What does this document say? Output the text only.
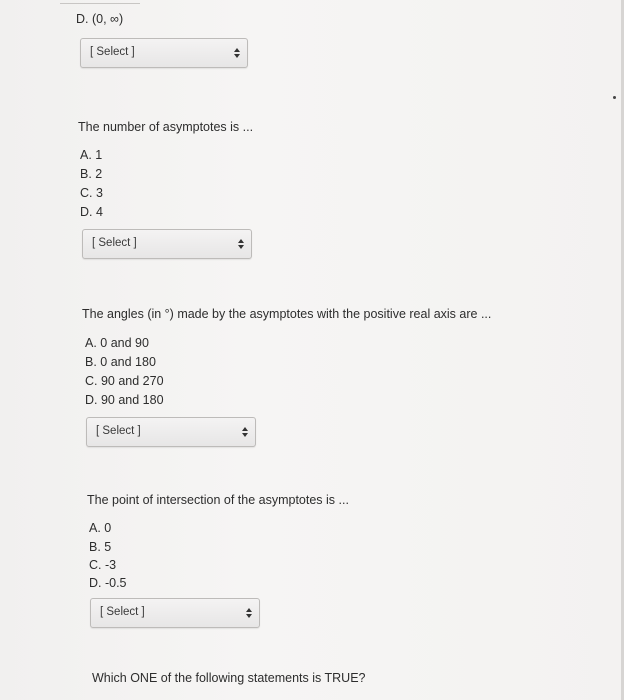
D. (0, ∞)
[ Select ]
The number of asymptotes is ...
A. 1
B. 2
C. 3
D. 4
[ Select ]
The angles (in °) made by the asymptotes with the positive real axis are ...
A. 0 and 90
B. 0 and 180
C. 90 and 270
D. 90 and 180
[ Select ]
The point of intersection of the asymptotes is ...
A. 0
B. 5
C. -3
D. -0.5
[ Select ]
Which ONE of the following statements is TRUE?
